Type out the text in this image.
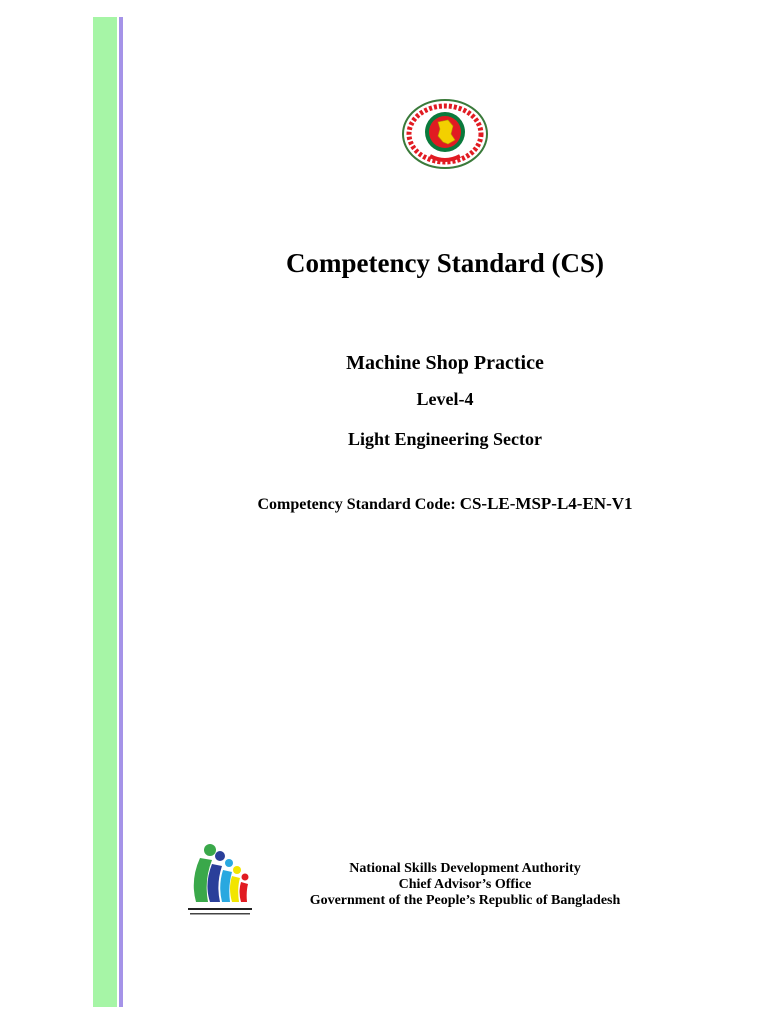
Competency Standard (CS)
Machine Shop Practice
Level-4
Light Engineering Sector
Competency Standard Code: CS-LE-MSP-L4-EN-V1
National Skills Development Authority
Chief Advisor’s Office
Government of the People’s Republic of Bangladesh
